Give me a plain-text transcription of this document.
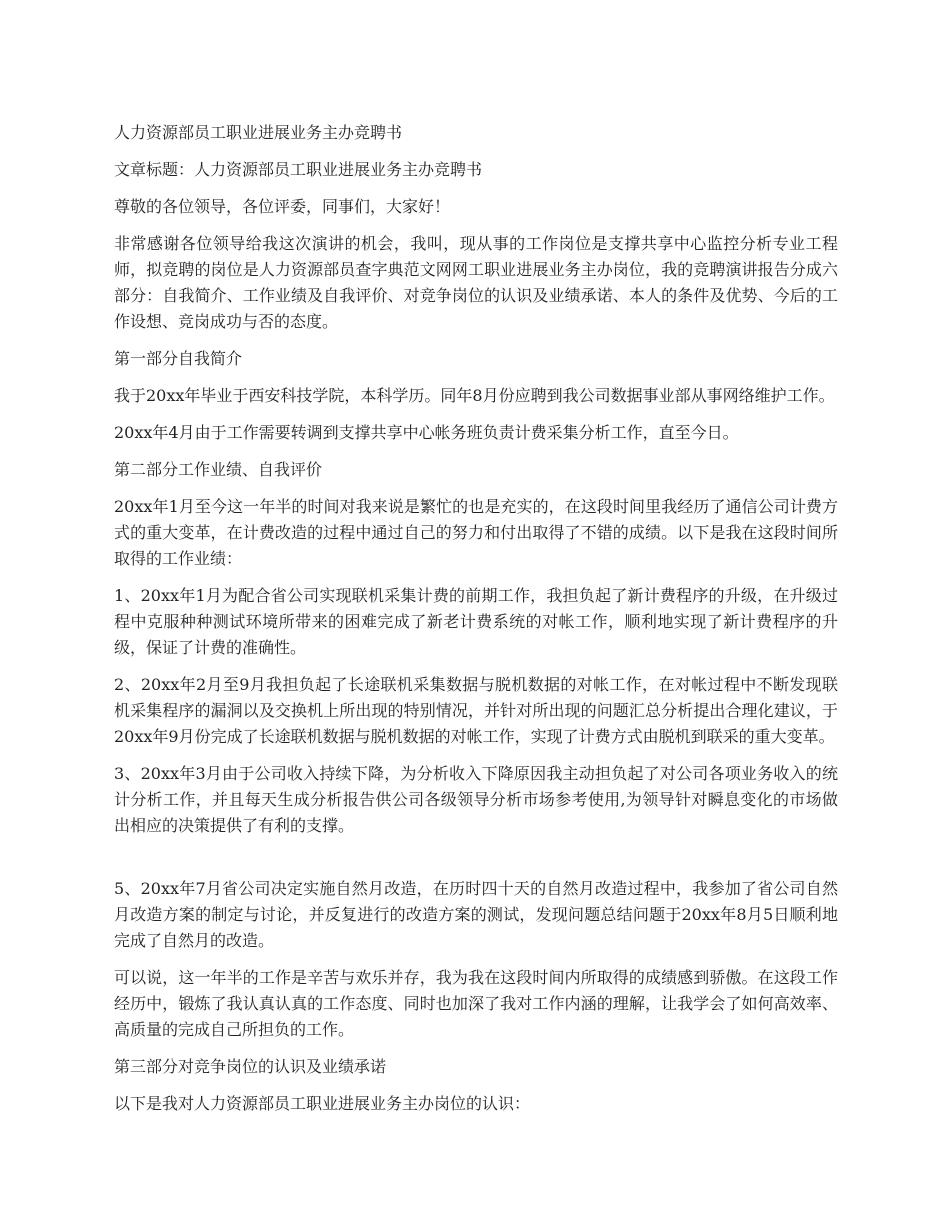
人力资源部员工职业进展业务主办竞聘书

文章标题：人力资源部员工职业进展业务主办竞聘书

尊敬的各位领导，各位评委，同事们，大家好！

非常感谢各位领导给我这次演讲的机会，我叫，现从事的工作岗位是支撑共享中心监控分析专业工程师，拟竞聘的岗位是人力资源部员查字典范文网网工职业进展业务主办岗位，我的竞聘演讲报告分成六部分：自我简介、工作业绩及自我评价、对竞争岗位的认识及业绩承诺、本人的条件及优势、今后的工作设想、竞岗成功与否的态度。

第一部分自我简介

我于20xx年毕业于西安科技学院，本科学历。同年8月份应聘到我公司数据事业部从事网络维护工作。

20xx年4月由于工作需要转调到支撑共享中心帐务班负责计费采集分析工作，直至今日。

第二部分工作业绩、自我评价

20xx年1月至今这一年半的时间对我来说是繁忙的也是充实的，在这段时间里我经历了通信公司计费方式的重大变革，在计费改造的过程中通过自己的努力和付出取得了不错的成绩。以下是我在这段时间所取得的工作业绩：

1、20xx年1月为配合省公司实现联机采集计费的前期工作，我担负起了新计费程序的升级，在升级过程中克服种种测试环境所带来的困难完成了新老计费系统的对帐工作，顺利地实现了新计费程序的升级，保证了计费的准确性。

2、20xx年2月至9月我担负起了长途联机采集数据与脱机数据的对帐工作，在对帐过程中不断发现联机采集程序的漏洞以及交换机上所出现的特别情况，并针对所出现的问题汇总分析提出合理化建议，于20xx年9月份完成了长途联机数据与脱机数据的对帐工作，实现了计费方式由脱机到联采的重大变革。

3、20xx年3月由于公司收入持续下降，为分析收入下降原因我主动担负起了对公司各项业务收入的统计分析工作，并且每天生成分析报告供公司各级领导分析市场参考使用,为领导针对瞬息变化的市场做出相应的决策提供了有利的支撑。

5、20xx年7月省公司决定实施自然月改造，在历时四十天的自然月改造过程中，我参加了省公司自然月改造方案的制定与讨论，并反复进行的改造方案的测试，发现问题总结问题于20xx年8月5日顺利地完成了自然月的改造。

可以说，这一年半的工作是辛苦与欢乐并存，我为我在这段时间内所取得的成绩感到骄傲。在这段工作经历中，锻炼了我认真认真的工作态度、同时也加深了我对工作内涵的理解，让我学会了如何高效率、高质量的完成自己所担负的工作。

第三部分对竞争岗位的认识及业绩承诺

以下是我对人力资源部员工职业进展业务主办岗位的认识：
